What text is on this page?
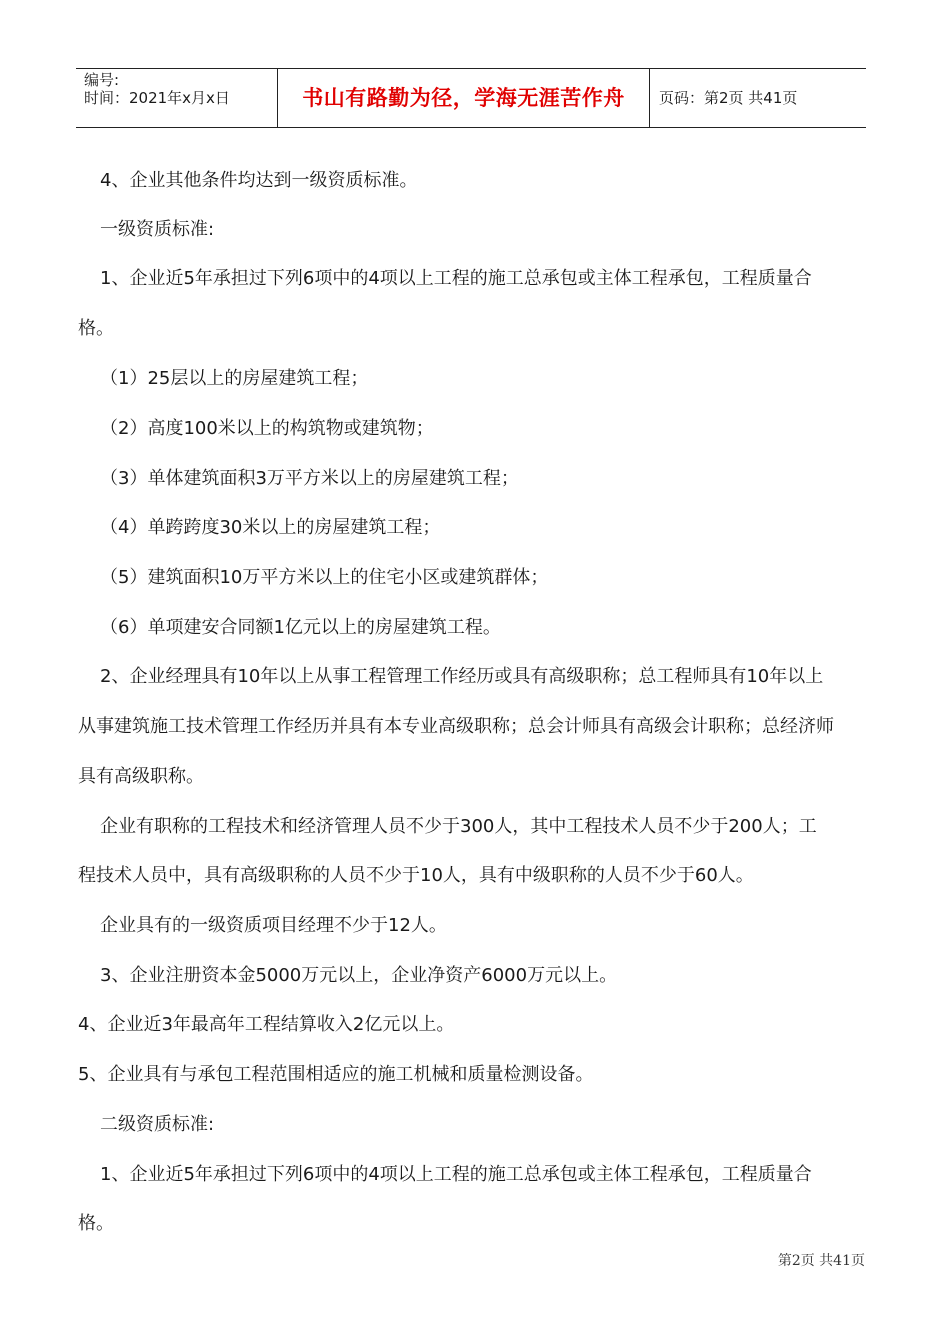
编号:
时间：2021年x月x日	书山有路勤为径，学海无涯苦作舟	页码：第2页 共41页
4、企业其他条件均达到一级资质标准。
一级资质标准:
1、企业近5年承担过下列6项中的4项以上工程的施工总承包或主体工程承包，工程质量合
格。
（1）25层以上的房屋建筑工程；
（2）高度100米以上的构筑物或建筑物；
（3）单体建筑面积3万平方米以上的房屋建筑工程；
（4）单跨跨度30米以上的房屋建筑工程；
（5）建筑面积10万平方米以上的住宅小区或建筑群体；
（6）单项建安合同额1亿元以上的房屋建筑工程。
2、企业经理具有10年以上从事工程管理工作经历或具有高级职称；总工程师具有10年以上
从事建筑施工技术管理工作经历并具有本专业高级职称；总会计师具有高级会计职称；总经济师
具有高级职称。
企业有职称的工程技术和经济管理人员不少于300人，其中工程技术人员不少于200人；工
程技术人员中，具有高级职称的人员不少于10人，具有中级职称的人员不少于60人。
企业具有的一级资质项目经理不少于12人。
3、企业注册资本金5000万元以上，企业净资产6000万元以上。
4、企业近3年最高年工程结算收入2亿元以上。
5、企业具有与承包工程范围相适应的施工机械和质量检测设备。
二级资质标准:
1、企业近5年承担过下列6项中的4项以上工程的施工总承包或主体工程承包，工程质量合
格。
第2页 共41页
